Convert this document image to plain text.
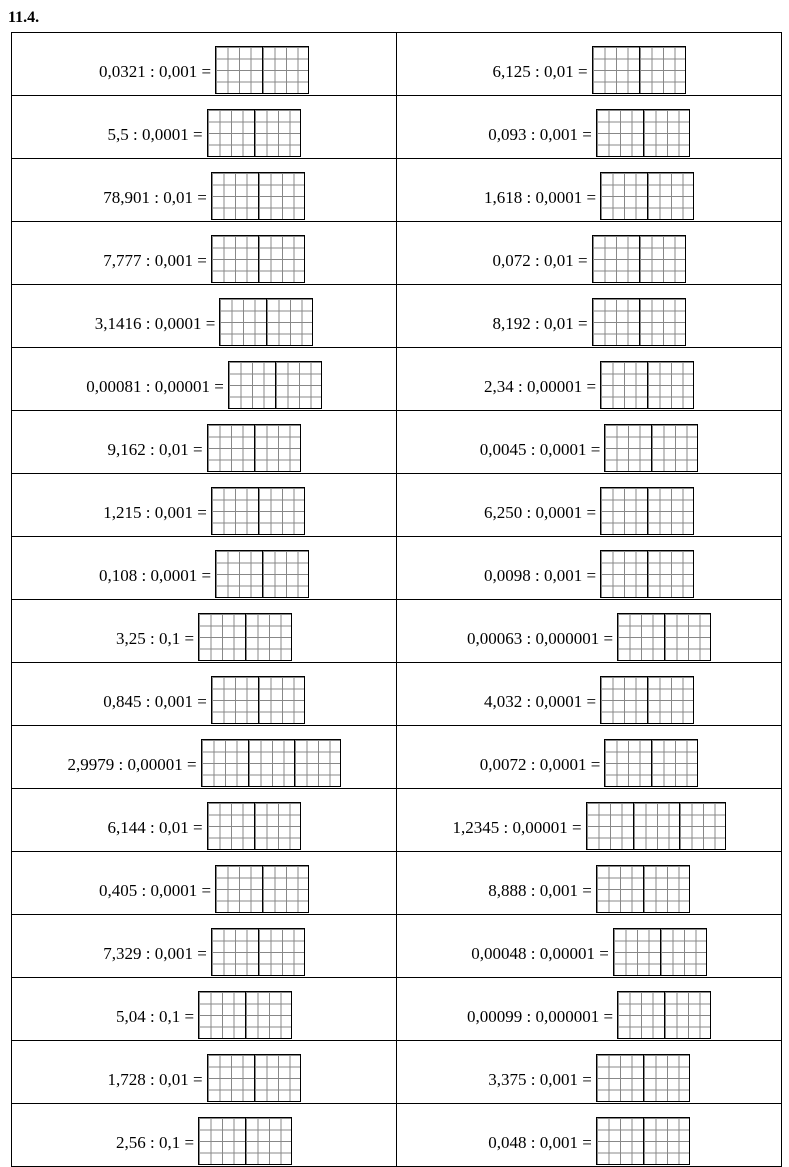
11.4.
0,0321 : 0,001 =	6,125 : 0,01 =

5,5 : 0,0001 =	0,093 : 0,001 =

78,901 : 0,01 =	1,618 : 0,0001 =

7,777 : 0,001 =	0,072 : 0,01 =

3,1416 : 0,0001 =	8,192 : 0,01 =

0,00081 : 0,00001 =	2,34 : 0,00001 =

9,162 : 0,01 =	0,0045 : 0,0001 =

1,215 : 0,001 =	6,250 : 0,0001 =

0,108 : 0,0001 =	0,0098 : 0,001 =

3,25 : 0,1 =	0,00063 : 0,000001 =

0,845 : 0,001 =	4,032 : 0,0001 =

2,9979 : 0,00001 =	0,0072 : 0,0001 =

6,144 : 0,01 =	1,2345 : 0,00001 =

0,405 : 0,0001 =	8,888 : 0,001 =

7,329 : 0,001 =	0,00048 : 0,00001 =

5,04 : 0,1 =	0,00099 : 0,000001 =

1,728 : 0,01 =	3,375 : 0,001 =

2,56 : 0,1 =	0,048 : 0,001 =
